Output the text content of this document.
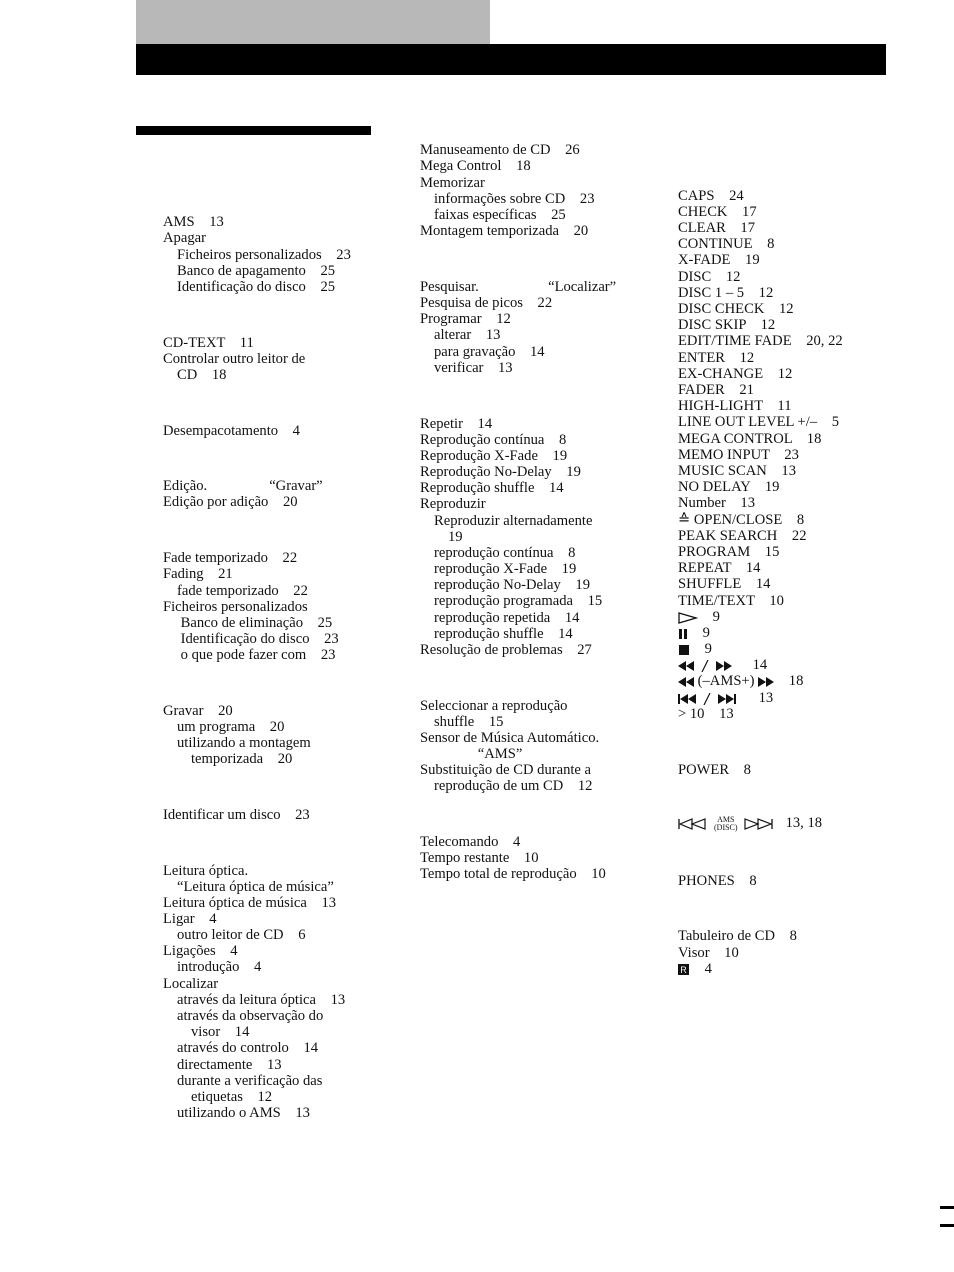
AMS    13
Apagar
Ficheiros personalizados    23
Banco de apagamento    25
Identificação do disco    25
CD-TEXT    11
Controlar outro leitor de
CD    18
Desempacotamento    4
Edição.                 “Gravar”
Edição por adição    20
Fade temporizado    22
Fading    21
fade temporizado    22
Ficheiros personalizados
Banco de eliminação    25
Identificação do disco    23
o que pode fazer com    23
Gravar    20
um programa    20
utilizando a montagem
temporizada    20
Identificar um disco    23
Leitura óptica.
“Leitura óptica de música”
Leitura óptica de música    13
Ligar    4
outro leitor de CD    6
Ligações    4
introdução    4
Localizar
através da leitura óptica    13
através da observação do
visor    14
através do controlo    14
directamente    13
durante a verificação das
etiquetas    12
utilizando o AMS    13
Manuseamento de CD    26
Mega Control    18
Memorizar
informações sobre CD    23
faixas específicas    25
Montagem temporizada    20
Pesquisar.                   “Localizar”
Pesquisa de picos    22
Programar    12
alterar    13
para gravação    14
verificar    13
Repetir    14
Reprodução contínua    8
Reprodução X-Fade    19
Reprodução No-Delay    19
Reprodução shuffle    14
Reproduzir
Reproduzir alternadamente
19
reprodução contínua    8
reprodução X-Fade    19
reprodução No-Delay    19
reprodução programada    15
reprodução repetida    14
reprodução shuffle    14
Resolução de problemas    27
Seleccionar a reprodução
shuffle    15
Sensor de Música Automático.
“AMS”
Substituição de CD durante a
reprodução de um CD    12
Telecomando    4
Tempo restante    10
Tempo total de reprodução    10
CAPS    24
CHECK    17
CLEAR    17
CONTINUE    8
X-FADE    19
DISC    12
DISC 1 – 5    12
DISC CHECK    12
DISC SKIP    12
EDIT/TIME FADE    20, 22
ENTER    12
EX-CHANGE    12
FADER    21
HIGH-LIGHT    11
LINE OUT LEVEL +/–    5
MEGA CONTROL    18
MEMO INPUT    23
MUSIC SCAN    13
NO DELAY    19
Number    13
≙ OPEN/CLOSE    8
PEAK SEARCH    22
PROGRAM    15
REPEAT    14
SHUFFLE    14
TIME/TEXT    10
9
9
9
14
(–AMS+)     18
13
> 10    13
POWER    8
PHONES    8
Tabuleiro de CD    8
Visor    10
AMS
(DISC)	13, 18
R 4
